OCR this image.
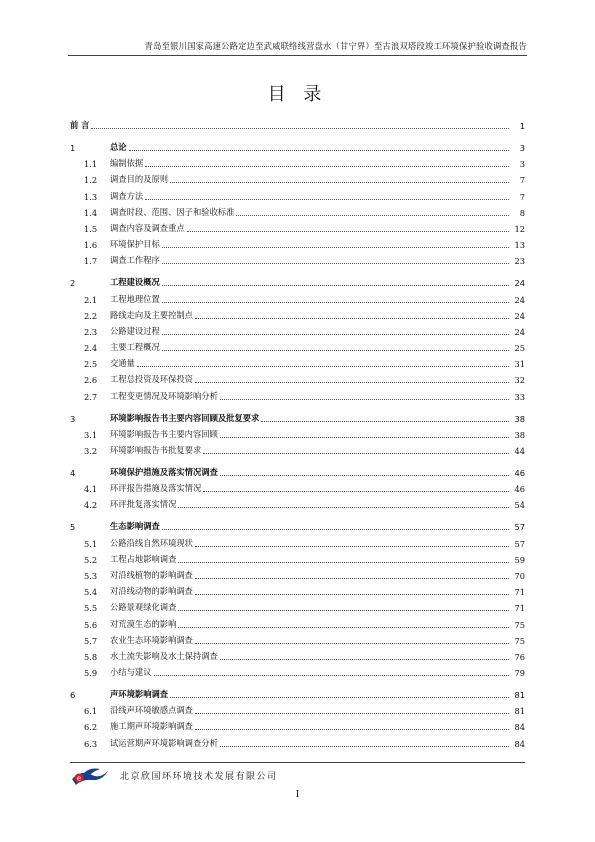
青岛至银川国家高速公路定边至武威联络线营盘水（甘宁界）至古浪双塔段竣工环境保护验收调查报告
目 录
前 言	1
1	总论	3
1.1	编制依据	3
1.2	调查目的及原则	7
1.3	调查方法	7
1.4	调查时段、范围、因子和验收标准	8
1.5	调查内容及调查重点	12
1.6	环境保护目标	13
1.7	调查工作程序	23
2	工程建设概况	24
2.1	工程地理位置	24
2.2	路线走向及主要控制点	24
2.3	公路建设过程	24
2.4	主要工程概况	25
2.5	交通量	31
2.6	工程总投资及环保投资	32
2.7	工程变更情况及环境影响分析	33
3	环境影响报告书主要内容回顾及批复要求	38
3.1	环境影响报告书主要内容回顾	38
3.2	环境影响报告书批复要求	44
4	环境保护措施及落实情况调查	46
4.1	环评报告措施及落实情况	46
4.2	环评批复落实情况	54
5	生态影响调查	57
5.1	公路沿线自然环境现状	57
5.2	工程占地影响调查	59
5.3	对沿线植物的影响调查	70
5.4	对沿线动物的影响调查	71
5.5	公路景观绿化调查	71
5.6	对荒漠生态的影响	75
5.7	农业生态环境影响调查	75
5.8	水土流失影响及水土保持调查	76
5.9	小结与建议	79
6	声环境影响调查	81
6.1	沿线声环境敏感点调查	81
6.2	施工期声环境影响调查	84
6.3	试运营期声环境影响调查分析	84
e	北京欣国环环境技术发展有限公司
I
